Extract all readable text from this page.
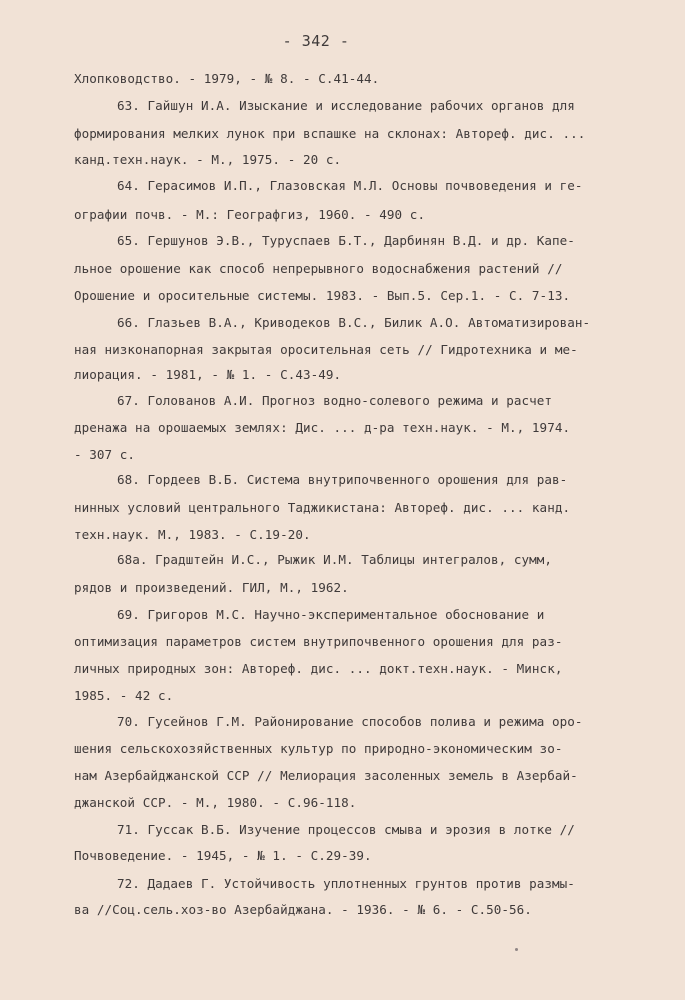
- 342 -
Хлопководство. - 1979, - № 8. - С.41-44.
63. Гайшун И.А. Изыскание и исследование рабочих органов для
формирования мелких лунок при вспашке на склонах: Автореф. дис. ...
канд.техн.наук. - М., 1975. - 20 с.
64. Герасимов И.П., Глазовская М.Л. Основы почвоведения и ге-
ографии почв. - М.: Географгиз, 1960. - 490 с.
65. Гершунов Э.В., Туруспаев Б.Т., Дарбинян В.Д. и др. Капе-
льное орошение как способ непрерывного водоснабжения растений //
Орошение и оросительные системы. 1983. - Вып.5. Сер.1. - С. 7-13.
66. Глазьев В.А., Криводеков В.С., Билик А.О. Автоматизирован-
ная низконапорная закрытая оросительная сеть // Гидротехника и ме-
лиорация. - 1981, - № 1. - С.43-49.
67. Голованов А.И. Прогноз водно-солевого режима и расчет
дренажа на орошаемых землях: Дис. ... д-ра техн.наук. - М., 1974.
- 307 с.
68. Гордеев В.Б. Система внутрипочвенного орошения для рав-
нинных условий центрального Таджикистана: Автореф. дис. ... канд.
техн.наук. М., 1983. - С.19-20.
68а. Градштейн И.С., Рыжик И.М. Таблицы интегралов, сумм,
рядов и произведений. ГИЛ, М., 1962.
69. Григоров М.С. Научно-экспериментальное обоснование и
оптимизация параметров систем внутрипочвенного орошения для раз-
личных природных зон: Автореф. дис. ... докт.техн.наук. - Минск,
1985. - 42 с.
70. Гусейнов Г.М. Районирование способов полива и режима оро-
шения сельскохозяйственных культур по природно-экономическим зо-
нам Азербайджанской ССР // Мелиорация засоленных земель в Азербай-
джанской ССР. - М., 1980. - С.96-118.
71. Гуссак В.Б. Изучение процессов смыва и эрозия в лотке //
Почвоведение. - 1945, - № 1. - С.29-39.
72. Дадаев Г. Устойчивость уплотненных грунтов против размы-
ва //Соц.сель.хоз-во Азербайджана. - 1936. - № 6. - С.50-56.
